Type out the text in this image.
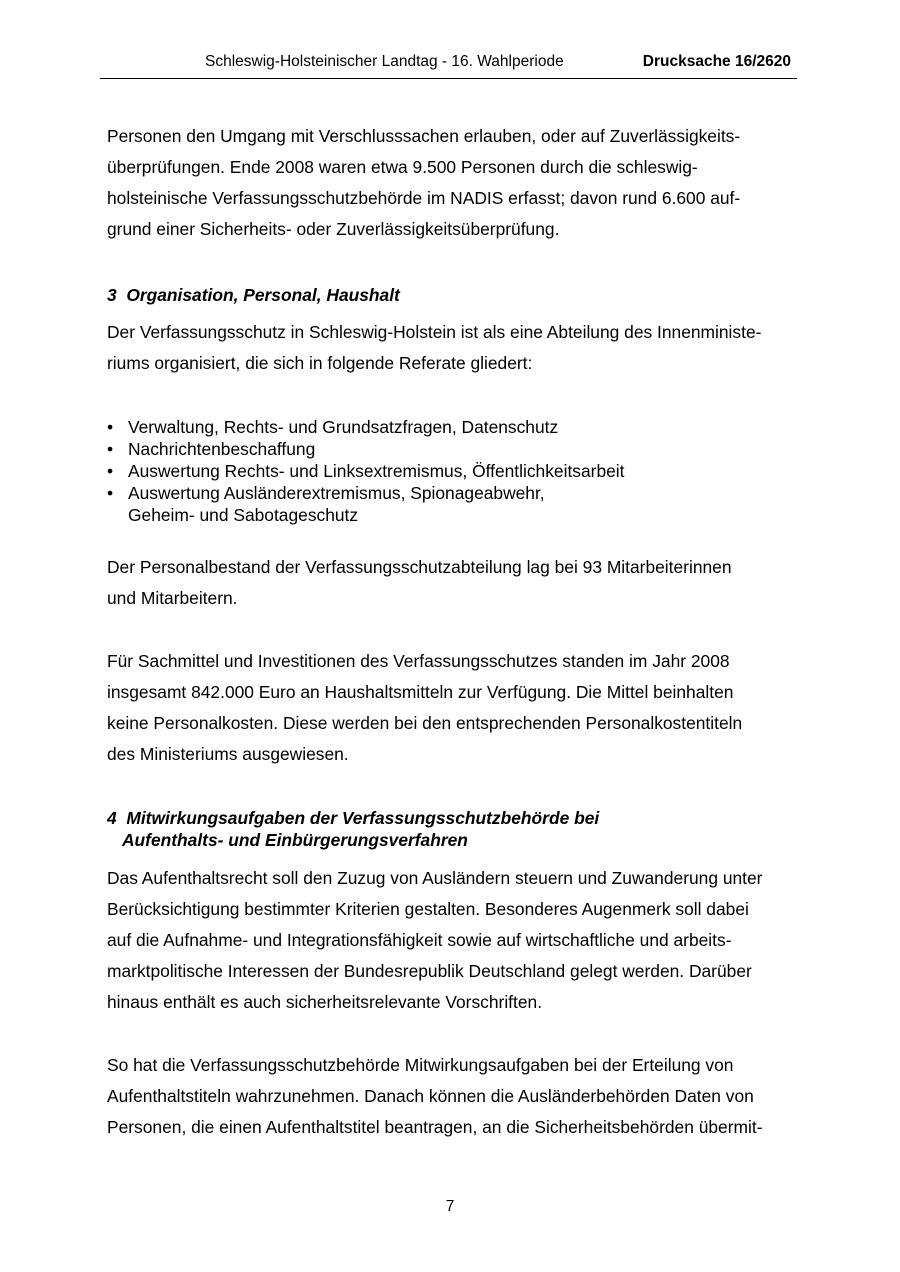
Schleswig-Holsteinischer Landtag - 16. Wahlperiode	Drucksache 16/2620

Personen den Umgang mit Verschlusssachen erlauben, oder auf Zuverlässigkeits-
überprüfungen. Ende 2008 waren etwa 9.500 Personen durch die schleswig-
holsteinische Verfassungsschutzbehörde im NADIS erfasst; davon rund 6.600 auf-
grund einer Sicherheits- oder Zuverlässigkeitsüberprüfung.

3 Organisation, Personal, Haushalt

Der Verfassungsschutz in Schleswig-Holstein ist als eine Abteilung des Innenministe-
riums organisiert, die sich in folgende Referate gliedert:

• Verwaltung, Rechts- und Grundsatzfragen, Datenschutz
• Nachrichtenbeschaffung
• Auswertung Rechts- und Linksextremismus, Öffentlichkeitsarbeit
• Auswertung Ausländerextremismus, Spionageabwehr,
Geheim- und Sabotageschutz

Der Personalbestand der Verfassungsschutzabteilung lag bei 93 Mitarbeiterinnen
und Mitarbeitern.

Für Sachmittel und Investitionen des Verfassungsschutzes standen im Jahr 2008
insgesamt 842.000 Euro an Haushaltsmitteln zur Verfügung. Die Mittel beinhalten
keine Personalkosten. Diese werden bei den entsprechenden Personalkostentiteln
des Ministeriums ausgewiesen.

4 Mitwirkungsaufgaben der Verfassungsschutzbehörde bei
Aufenthalts- und Einbürgerungsverfahren

Das Aufenthaltsrecht soll den Zuzug von Ausländern steuern und Zuwanderung unter
Berücksichtigung bestimmter Kriterien gestalten. Besonderes Augenmerk soll dabei
auf die Aufnahme- und Integrationsfähigkeit sowie auf wirtschaftliche und arbeits-
marktpolitische Interessen der Bundesrepublik Deutschland gelegt werden. Darüber
hinaus enthält es auch sicherheitsrelevante Vorschriften.

So hat die Verfassungsschutzbehörde Mitwirkungsaufgaben bei der Erteilung von
Aufenthaltstiteln wahrzunehmen. Danach können die Ausländerbehörden Daten von
Personen, die einen Aufenthaltstitel beantragen, an die Sicherheitsbehörden übermit-

7
